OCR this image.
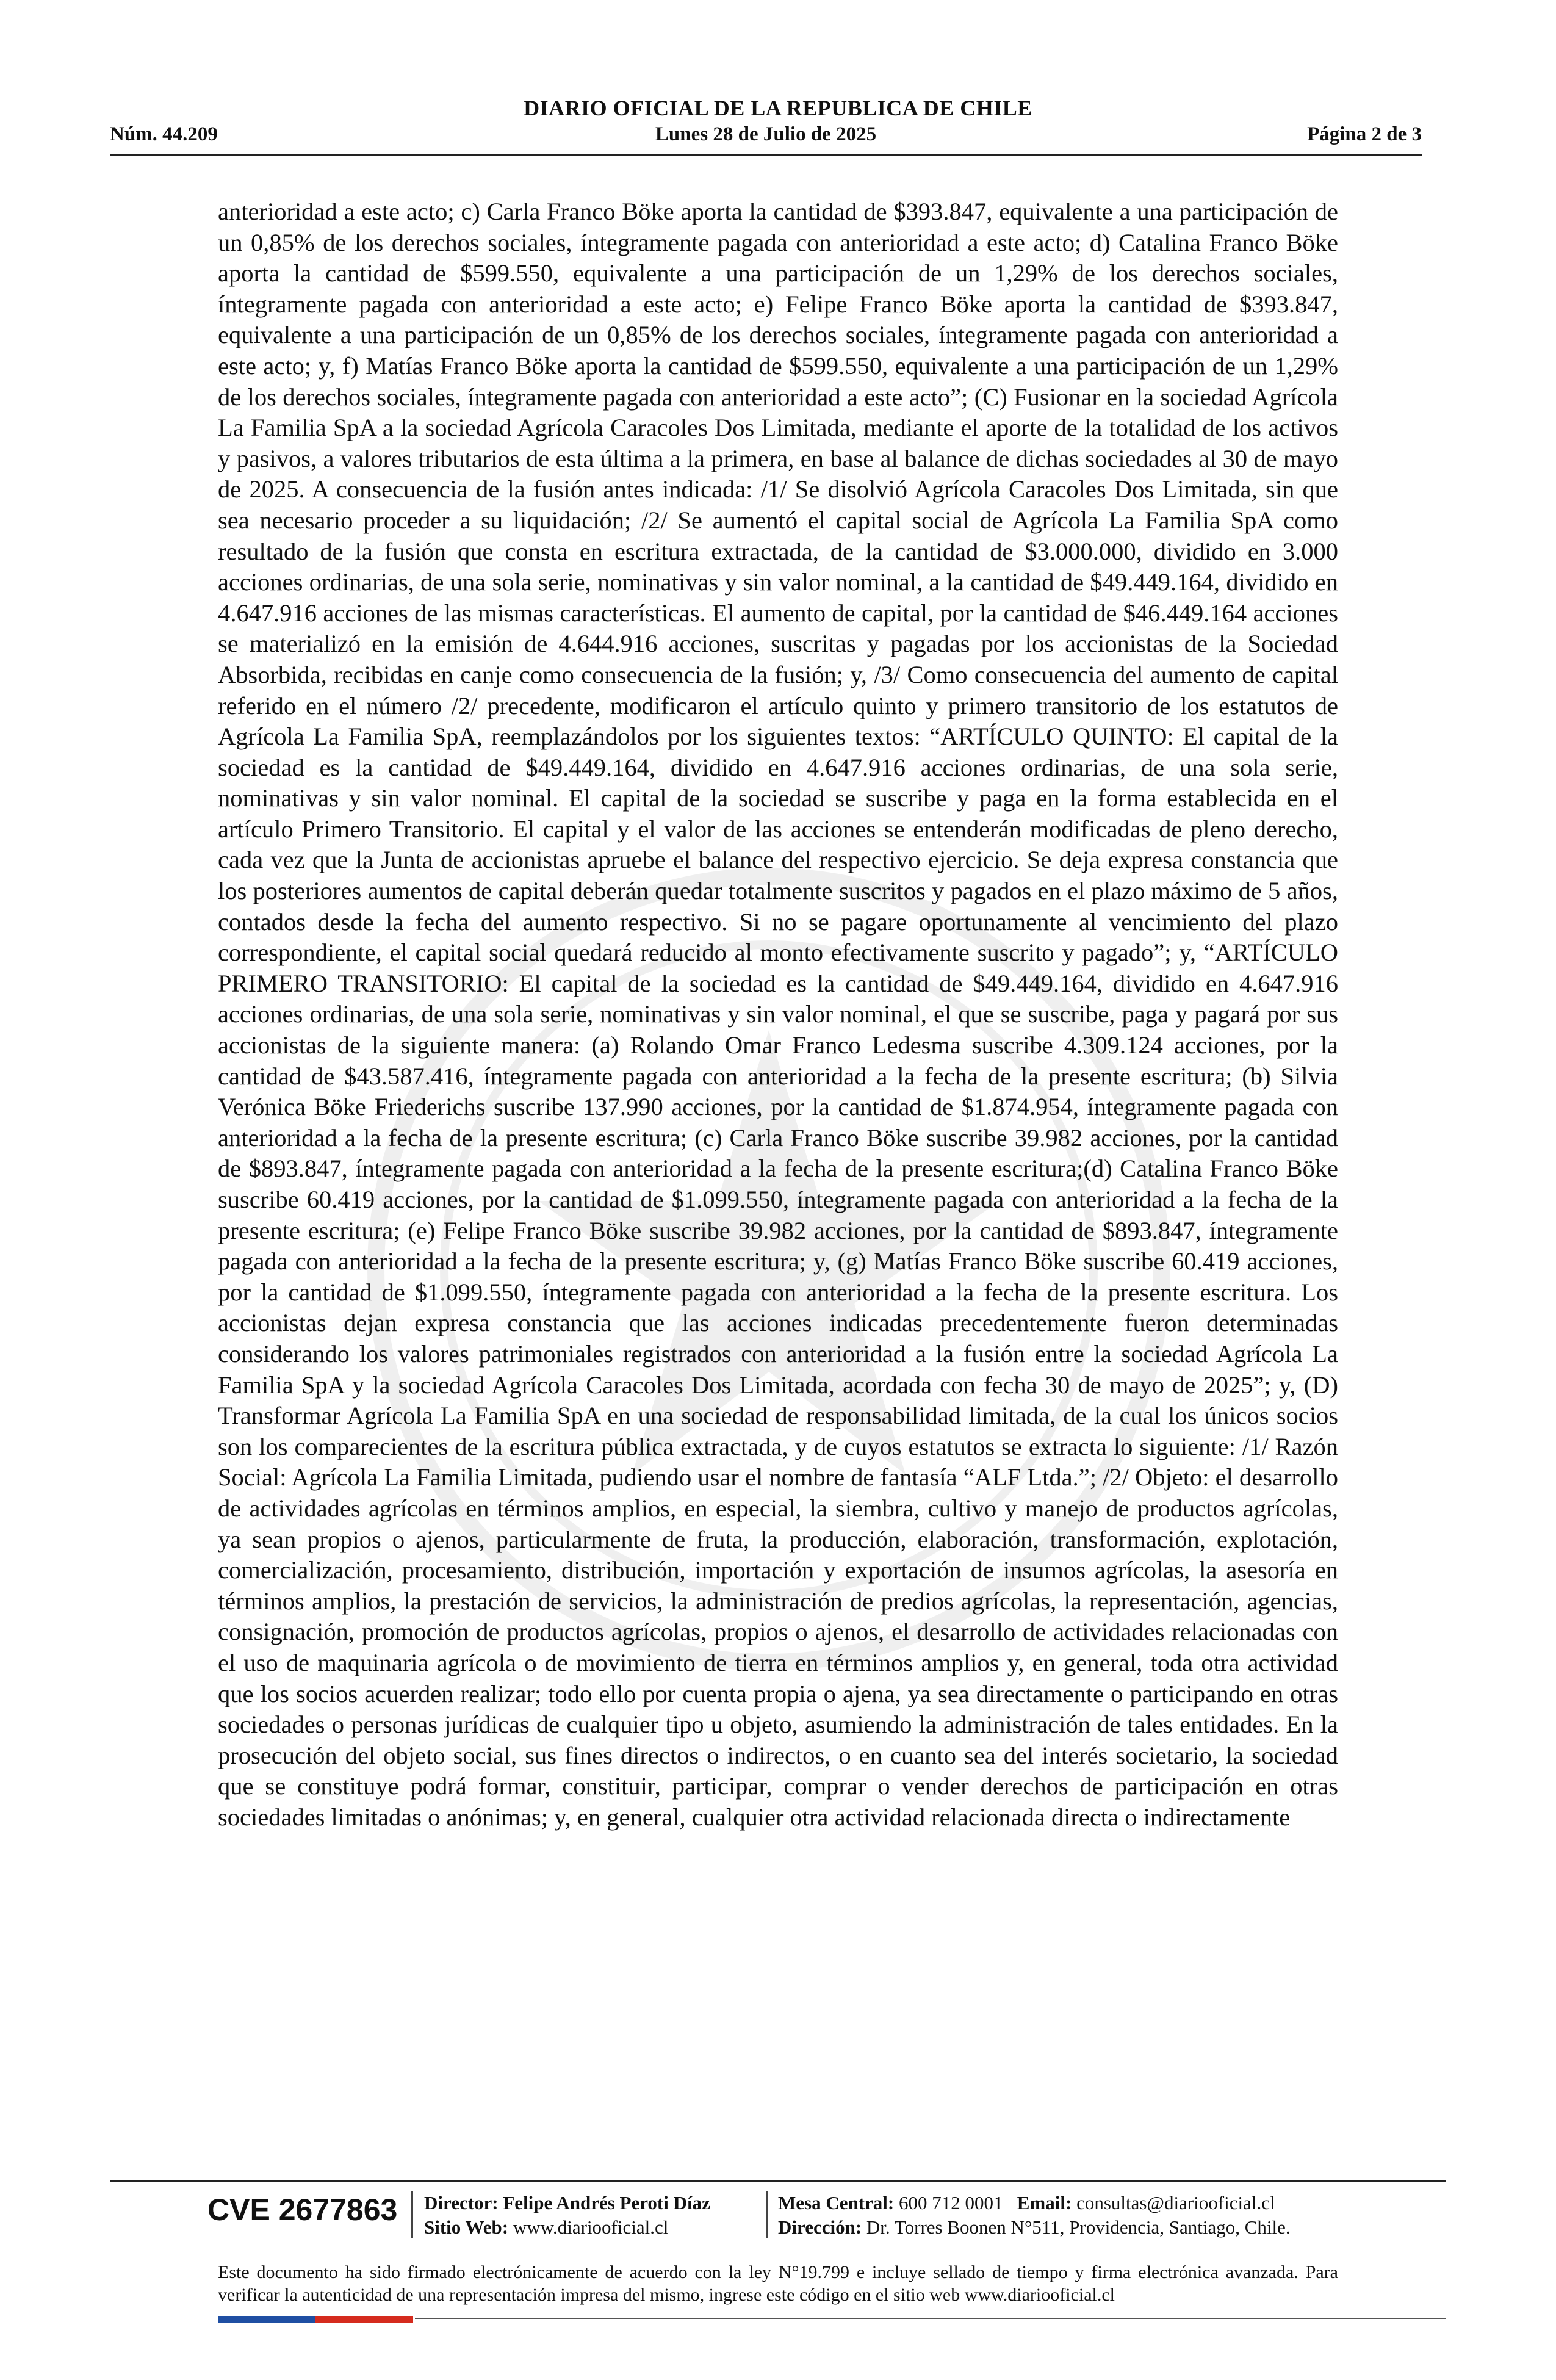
DIARIO OFICIAL DE LA REPUBLICA DE CHILE
Núm. 44.209	Lunes 28 de Julio de 2025	Página 2 de 3
anterioridad a este acto; c) Carla Franco Böke aporta la cantidad de $393.847, equivalente a una participación de un 0,85% de los derechos sociales, íntegramente pagada con anterioridad a este acto; d) Catalina Franco Böke aporta la cantidad de $599.550, equivalente a una participación de un 1,29% de los derechos sociales, íntegramente pagada con anterioridad a este acto; e) Felipe Franco Böke aporta la cantidad de $393.847, equivalente a una participación de un 0,85% de los derechos sociales, íntegramente pagada con anterioridad a este acto; y, f) Matías Franco Böke aporta la cantidad de $599.550, equivalente a una participación de un 1,29% de los derechos sociales, íntegramente pagada con anterioridad a este acto”; (C) Fusionar en la sociedad Agrícola La Familia SpA a la sociedad Agrícola Caracoles Dos Limitada, mediante el aporte de la totalidad de los activos y pasivos, a valores tributarios de esta última a la primera, en base al balance de dichas sociedades al 30 de mayo de 2025. A consecuencia de la fusión antes indicada: /1/ Se disolvió Agrícola Caracoles Dos Limitada, sin que sea necesario proceder a su liquidación; /2/ Se aumentó el capital social de Agrícola La Familia SpA como resultado de la fusión que consta en escritura extractada, de la cantidad de $3.000.000, dividido en 3.000 acciones ordinarias, de una sola serie, nominativas y sin valor nominal, a la cantidad de $49.449.164, dividido en 4.647.916 acciones de las mismas características. El aumento de capital, por la cantidad de $46.449.164 acciones se materializó en la emisión de 4.644.916 acciones, suscritas y pagadas por los accionistas de la Sociedad Absorbida, recibidas en canje como consecuencia de la fusión; y, /3/ Como consecuencia del aumento de capital referido en el número /2/ precedente, modificaron el artículo quinto y primero transitorio de los estatutos de Agrícola La Familia SpA, reemplazándolos por los siguientes textos: “ARTÍCULO QUINTO: El capital de la sociedad es la cantidad de $49.449.164, dividido en 4.647.916 acciones ordinarias, de una sola serie, nominativas y sin valor nominal. El capital de la sociedad se suscribe y paga en la forma establecida en el artículo Primero Transitorio. El capital y el valor de las acciones se entenderán modificadas de pleno derecho, cada vez que la Junta de accionistas apruebe el balance del respectivo ejercicio. Se deja expresa constancia que los posteriores aumentos de capital deberán quedar totalmente suscritos y pagados en el plazo máximo de 5 años, contados desde la fecha del aumento respectivo. Si no se pagare oportunamente al vencimiento del plazo correspondiente, el capital social quedará reducido al monto efectivamente suscrito y pagado”; y, “ARTÍCULO PRIMERO TRANSITORIO: El capital de la sociedad es la cantidad de $49.449.164, dividido en 4.647.916 acciones ordinarias, de una sola serie, nominativas y sin valor nominal, el que se suscribe, paga y pagará por sus accionistas de la siguiente manera: (a) Rolando Omar Franco Ledesma suscribe 4.309.124 acciones, por la cantidad de $43.587.416, íntegramente pagada con anterioridad a la fecha de la presente escritura; (b) Silvia Verónica Böke Friederichs suscribe 137.990 acciones, por la cantidad de $1.874.954, íntegramente pagada con anterioridad a la fecha de la presente escritura; (c) Carla Franco Böke suscribe 39.982 acciones, por la cantidad de $893.847, íntegramente pagada con anterioridad a la fecha de la presente escritura;(d) Catalina Franco Böke suscribe 60.419 acciones, por la cantidad de $1.099.550, íntegramente pagada con anterioridad a la fecha de la presente escritura; (e) Felipe Franco Böke suscribe 39.982 acciones, por la cantidad de $893.847, íntegramente pagada con anterioridad a la fecha de la presente escritura; y, (g) Matías Franco Böke suscribe 60.419 acciones, por la cantidad de $1.099.550, íntegramente pagada con anterioridad a la fecha de la presente escritura. Los accionistas dejan expresa constancia que las acciones indicadas precedentemente fueron determinadas considerando los valores patrimoniales registrados con anterioridad a la fusión entre la sociedad Agrícola La Familia SpA y la sociedad Agrícola Caracoles Dos Limitada, acordada con fecha 30 de mayo de 2025”; y, (D) Transformar Agrícola La Familia SpA en una sociedad de responsabilidad limitada, de la cual los únicos socios son los comparecientes de la escritura pública extractada, y de cuyos estatutos se extracta lo siguiente: /1/ Razón Social: Agrícola La Familia Limitada, pudiendo usar el nombre de fantasía “ALF Ltda.”; /2/ Objeto: el desarrollo de actividades agrícolas en términos amplios, en especial, la siembra, cultivo y manejo de productos agrícolas, ya sean propios o ajenos, particularmente de fruta, la producción, elaboración, transformación, explotación, comercialización, procesamiento, distribución, importación y exportación de insumos agrícolas, la asesoría en términos amplios, la prestación de servicios, la administración de predios agrícolas, la representación, agencias, consignación, promoción de productos agrícolas, propios o ajenos, el desarrollo de actividades relacionadas con el uso de maquinaria agrícola o de movimiento de tierra en términos amplios y, en general, toda otra actividad que los socios acuerden realizar; todo ello por cuenta propia o ajena, ya sea directamente o participando en otras sociedades o personas jurídicas de cualquier tipo u objeto, asumiendo la administración de tales entidades. En la prosecución del objeto social, sus fines directos o indirectos, o en cuanto sea del interés societario, la sociedad que se constituye podrá formar, constituir, participar, comprar o vender derechos de participación en otras sociedades limitadas o anónimas; y, en general, cualquier otra actividad relacionada directa o indirectamente
CVE 2677863 Director: Felipe Andrés Peroti Díaz
Sitio Web: www.diariooficial.cl
Mesa Central: 600 712 0001 Email: consultas@diariooficial.cl
Dirección: Dr. Torres Boonen N°511, Providencia, Santiago, Chile.
Este documento ha sido firmado electrónicamente de acuerdo con la ley N°19.799 e incluye sellado de tiempo y firma electrónica avanzada. Para verificar la autenticidad de una representación impresa del mismo, ingrese este código en el sitio web www.diariooficial.cl
